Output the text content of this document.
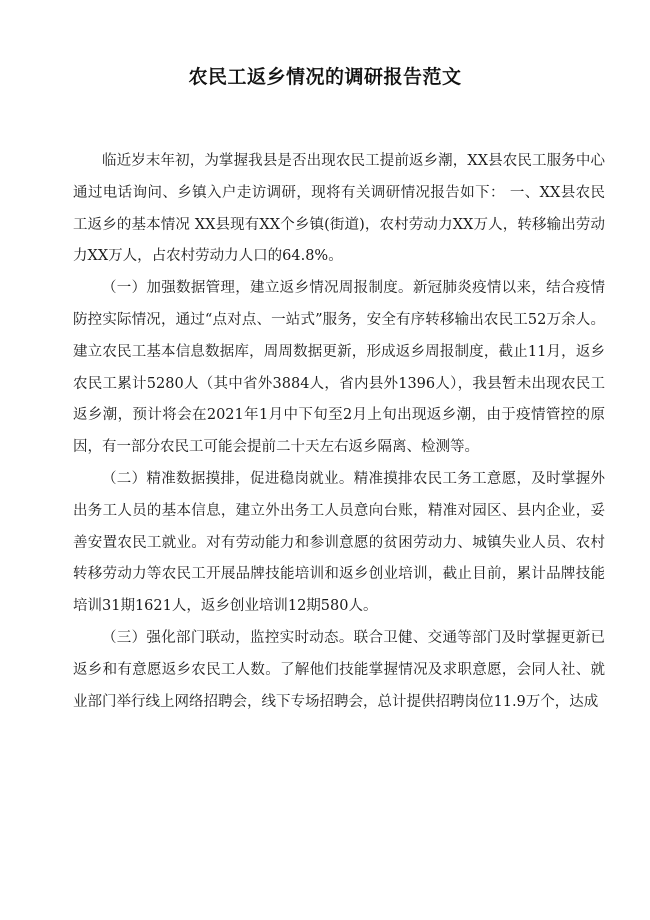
农民工返乡情况的调研报告范文

临近岁末年初，为掌握我县是否出现农民工提前返乡潮，XX县农民工服务中心通过电话询问、乡镇入户走访调研，现将有关调研情况报告如下： 一、XX县农民工返乡的基本情况 XX县现有XX个乡镇(街道)，农村劳动力XX万人，转移输出劳动力XX万人，占农村劳动力人口的64.8%。

（一）加强数据管理，建立返乡情况周报制度。新冠肺炎疫情以来，结合疫情防控实际情况，通过“点对点、一站式”服务，安全有序转移输出农民工52万余人。建立农民工基本信息数据库，周周数据更新，形成返乡周报制度，截止11月，返乡农民工累计5280人（其中省外3884人，省内县外1396人），我县暂未出现农民工返乡潮，预计将会在2021年1月中下旬至2月上旬出现返乡潮，由于疫情管控的原因，有一部分农民工可能会提前二十天左右返乡隔离、检测等。

（二）精准数据摸排，促进稳岗就业。精准摸排农民工务工意愿，及时掌握外出务工人员的基本信息，建立外出务工人员意向台账，精准对园区、县内企业，妥善安置农民工就业。对有劳动能力和参训意愿的贫困劳动力、城镇失业人员、农村转移劳动力等农民工开展品牌技能培训和返乡创业培训，截止目前，累计品牌技能培训31期1621人，返乡创业培训12期580人。

（三）强化部门联动，监控实时动态。联合卫健、交通等部门及时掌握更新已返乡和有意愿返乡农民工人数。了解他们技能掌握情况及求职意愿，会同人社、就业部门举行线上网络招聘会，线下专场招聘会，总计提供招聘岗位11.9万个，达成
